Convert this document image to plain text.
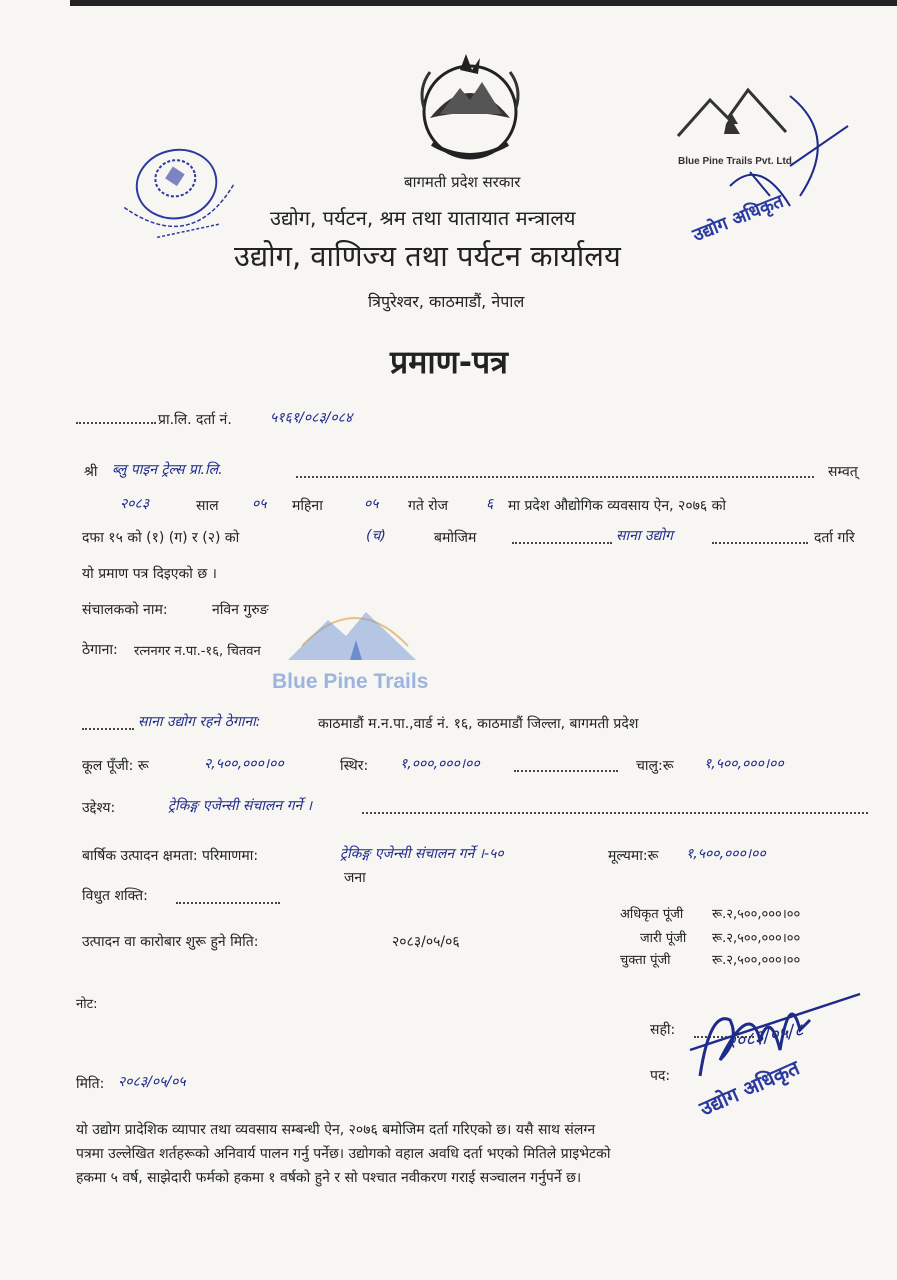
Blue Pine Trails Pvt. Ltd.
उद्योग अधिकृत
बागमती प्रदेश सरकार
उद्योग, पर्यटन, श्रम तथा यातायात मन्त्रालय
उद्योग, वाणिज्य तथा पर्यटन कार्यालय
त्रिपुरेश्वर, काठमाडौं, नेपाल
प्रमाण-पत्र
प्रा.लि. दर्ता नं.	५१६१/०८३/०८४
श्री ब्लु पाइन ट्रेल्स प्रा.लि.	सम्वत्
२०८३	साल ०५ महिना	०५ गते रोज	६ मा प्रदेश औद्योगिक व्यवसाय ऐन, २०७६ को
दफा १५ को (१) (ग) र (२) को	(च)	बमोजिम	साना उद्योग	दर्ता गरि
यो प्रमाण पत्र दिइएको छ ।
संचालकको नाम:	नविन गुरुङ
ठेगाना: रत्ननगर न.पा.-१६, चितवन
Blue Pine Trails
साना उद्योग रहने ठेगाना:	काठमाडौं म.न.पा.,वार्ड नं. १६, काठमाडौं जिल्ला, बागमती प्रदेश
कूल पूँजी: रू	२,५००,०००।००	स्थिर: १,०००,०००।००	चालु:रू १,५००,०००।००
उद्देश्य:	ट्रेकिङ्ग एजेन्सी संचालन गर्ने ।
बार्षिक उत्पादन क्षमता: परिमाणमा:	ट्रेकिङ्ग एजेन्सी संचालन गर्ने ।-५०
जना
मूल्यमा:रू १,५००,०००।००
विधुत शक्ति:
अधिकृत पूंजी रू.२,५००,०००।००
जारी पूंजी रू.२,५००,०००।००
चुक्ता पूंजी	रू.२,५००,०००।००
उत्पादन वा कारोबार शुरू हुने मिति:	२०८३/०५/०६
नोट:
सही:
पद:
२०८३/०५/८
उद्योग अधिकृत
मिति: २०८३/०५/०५
यो उद्योग प्रादेशिक व्यापार तथा व्यवसाय सम्बन्धी ऐन, २०७६ बमोजिम दर्ता गरिएको छ। यसै साथ संलग्न
पत्रमा उल्लेखित शर्तहरूको अनिवार्य पालन गर्नु पर्नेछ। उद्योगको वहाल अवधि दर्ता भएको मितिले प्राइभेटको
हकमा ५ वर्ष, साझेदारी फर्मको हकमा १ वर्षको हुने र सो पश्चात नवीकरण गराई सञ्चालन गर्नुपर्ने छ।
